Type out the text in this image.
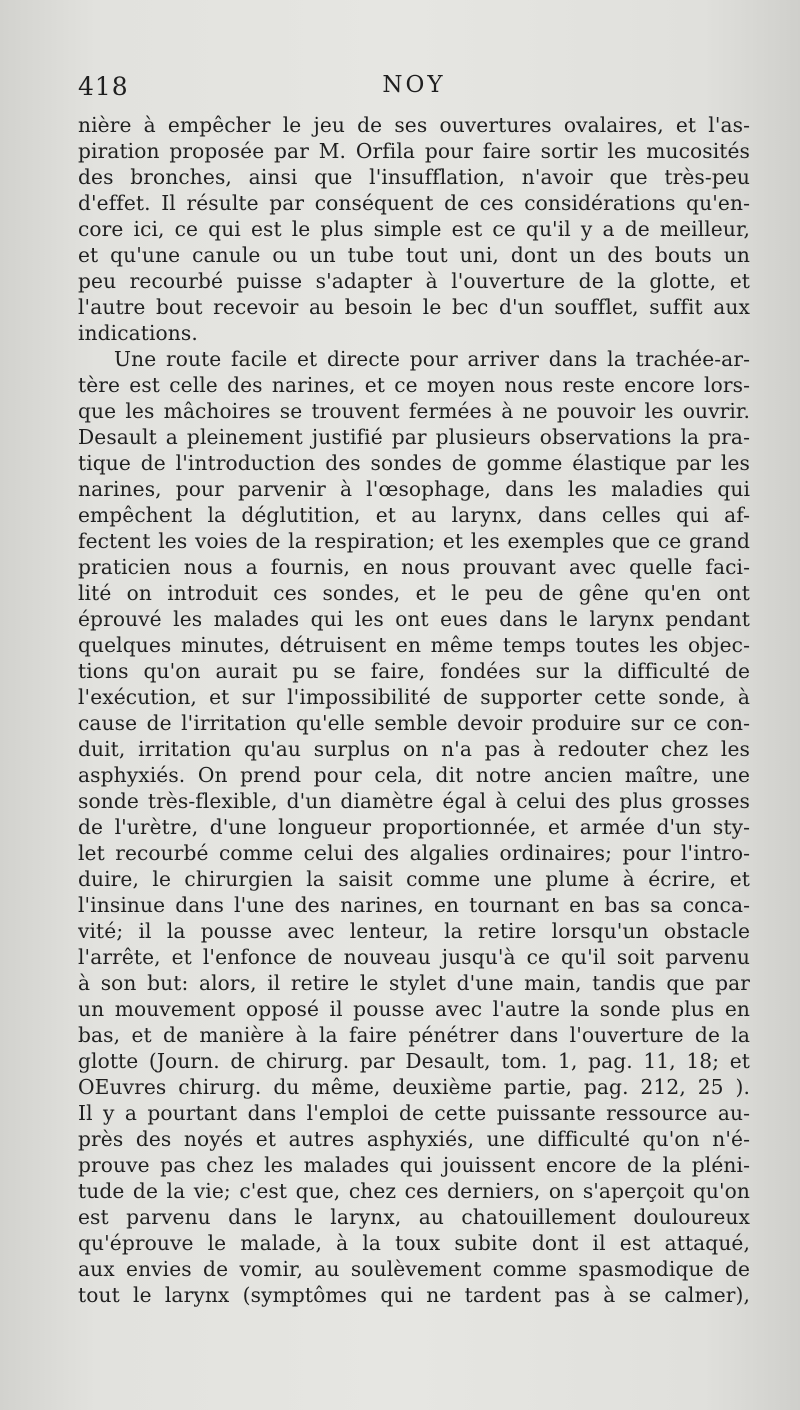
418	NOY
nière à empêcher le jeu de ses ouvertures ovalaires, et l'as-
piration proposée par M. Orfila pour faire sortir les mucosités
des bronches, ainsi que l'insufflation, n'avoir que très-peu
d'effet. Il résulte par conséquent de ces considérations qu'en-
core ici, ce qui est le plus simple est ce qu'il y a de meilleur,
et qu'une canule ou un tube tout uni, dont un des bouts un
peu recourbé puisse s'adapter à l'ouverture de la glotte, et
l'autre bout recevoir au besoin le bec d'un soufflet, suffit aux
indications.
Une route facile et directe pour arriver dans la trachée-ar-
tère est celle des narines, et ce moyen nous reste encore lors-
que les mâchoires se trouvent fermées à ne pouvoir les ouvrir.
Desault a pleinement justifié par plusieurs observations la pra-
tique de l'introduction des sondes de gomme élastique par les
narines, pour parvenir à l'œsophage, dans les maladies qui
empêchent la déglutition, et au larynx, dans celles qui af-
fectent les voies de la respiration; et les exemples que ce grand
praticien nous a fournis, en nous prouvant avec quelle faci-
lité on introduit ces sondes, et le peu de gêne qu'en ont
éprouvé les malades qui les ont eues dans le larynx pendant
quelques minutes, détruisent en même temps toutes les objec-
tions qu'on aurait pu se faire, fondées sur la difficulté de
l'exécution, et sur l'impossibilité de supporter cette sonde, à
cause de l'irritation qu'elle semble devoir produire sur ce con-
duit, irritation qu'au surplus on n'a pas à redouter chez les
asphyxiés. On prend pour cela, dit notre ancien maître, une
sonde très-flexible, d'un diamètre égal à celui des plus grosses
de l'urètre, d'une longueur proportionnée, et armée d'un sty-
let recourbé comme celui des algalies ordinaires; pour l'intro-
duire, le chirurgien la saisit comme une plume à écrire, et
l'insinue dans l'une des narines, en tournant en bas sa conca-
vité; il la pousse avec lenteur, la retire lorsqu'un obstacle
l'arrête, et l'enfonce de nouveau jusqu'à ce qu'il soit parvenu
à son but: alors, il retire le stylet d'une main, tandis que par
un mouvement opposé il pousse avec l'autre la sonde plus en
bas, et de manière à la faire pénétrer dans l'ouverture de la
glotte (Journ. de chirurg. par Desault, tom. 1, pag. 11, 18; et
OEuvres chirurg. du même, deuxième partie, pag. 212, 25 ).
Il y a pourtant dans l'emploi de cette puissante ressource au-
près des noyés et autres asphyxiés, une difficulté qu'on n'é-
prouve pas chez les malades qui jouissent encore de la pléni-
tude de la vie; c'est que, chez ces derniers, on s'aperçoit qu'on
est parvenu dans le larynx, au chatouillement douloureux
qu'éprouve le malade, à la toux subite dont il est attaqué,
aux envies de vomir, au soulèvement comme spasmodique de
tout le larynx (symptômes qui ne tardent pas à se calmer),
